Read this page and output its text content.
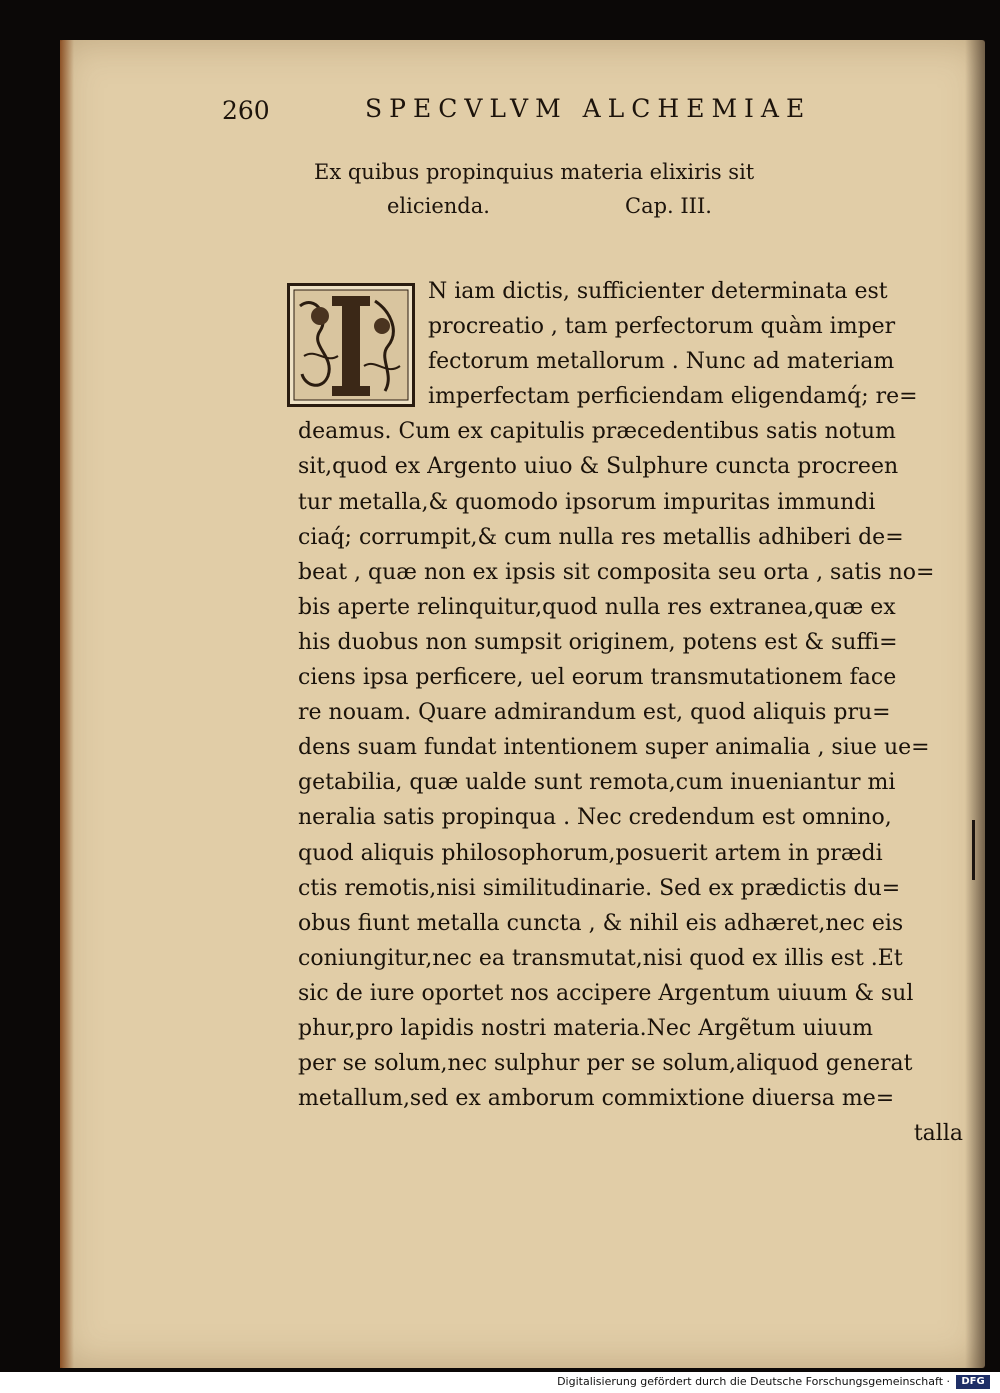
260	SPECVLVM ALCHEMIAE
Ex quibus propinquius materia elixiris sit
elicienda.	Cap. III.
N iam dictis, sufficienter determinata est
procreatio , tam perfectorum quàm imper
fectorum metallorum . Nunc ad materiam
imperfectam perficiendam eligendamq́; re=
deamus. Cum ex capitulis præcedentibus satis notum
sit,quod ex Argento uiuo & Sulphure cuncta procreen
tur metalla,& quomodo ipsorum impuritas immundi
ciaq́; corrumpit,& cum nulla res metallis adhiberi de=
beat , quæ non ex ipsis sit composita seu orta , satis no=
bis aperte relinquitur,quod nulla res extranea,quæ ex
his duobus non sumpsit originem, potens est & suffi=
ciens ipsa perficere, uel eorum transmutationem face
re nouam. Quare admirandum est, quod aliquis pru=
dens suam fundat intentionem super animalia , siue ue=
getabilia, quæ ualde sunt remota,cum inueniantur mi
neralia satis propinqua . Nec credendum est omnino,
quod aliquis philosophorum,posuerit artem in prædi
ctis remotis,nisi similitudinarie. Sed ex prædictis du=
obus fiunt metalla cuncta , & nihil eis adhæret,nec eis
coniungitur,nec ea transmutat,nisi quod ex illis est .Et
sic de iure oportet nos accipere Argentum uiuum & sul
phur,pro lapidis nostri materia.Nec Argẽtum uiuum
per se solum,nec sulphur per se solum,aliquod generat
metallum,sed ex amborum commixtione diuersa me=
talla
Digitalisierung gefördert durch die Deutsche Forschungsgemeinschaft ·	DFG
